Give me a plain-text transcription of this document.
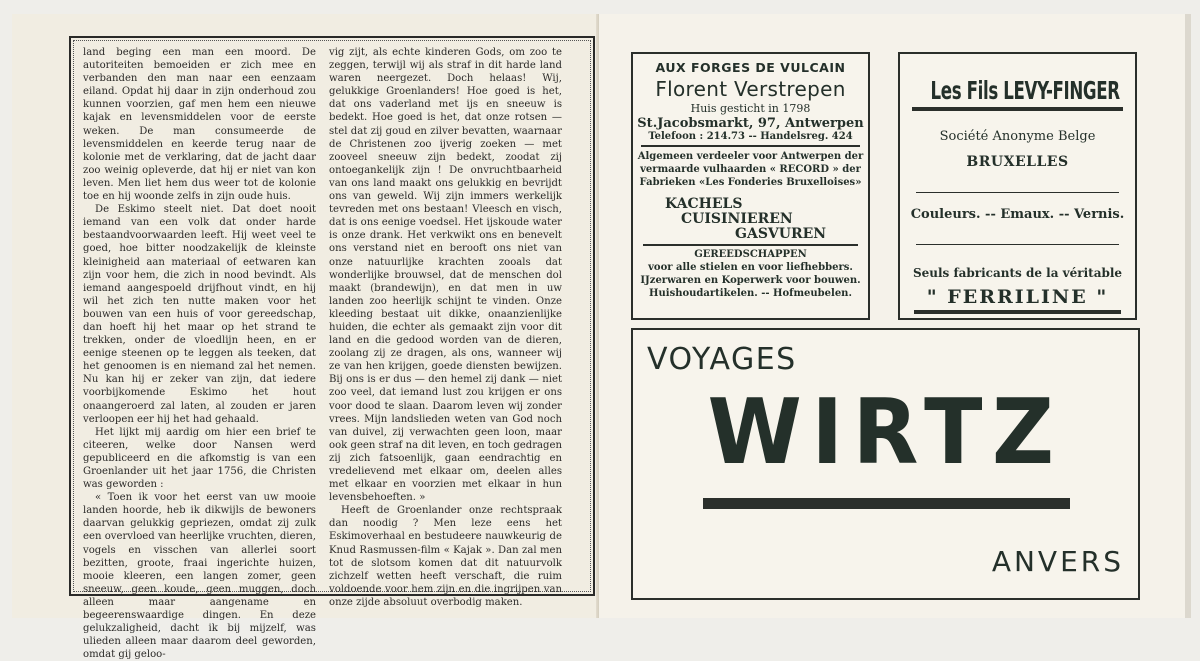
land beging een man een moord. De autoriteiten bemoeiden er zich mee en verbanden den man naar een eenzaam eiland. Opdat hij daar in zijn onderhoud zou kunnen voorzien, gaf men hem een nieuwe kajak en levensmiddelen voor de eerste weken. De man consumeerde de levensmiddelen en keerde terug naar de kolonie met de verklaring, dat de jacht daar zoo weinig opleverde, dat hij er niet van kon leven. Men liet hem dus weer tot de kolonie toe en hij woonde zelfs in zijn oude huis.

De Eskimo steelt niet. Dat doet nooit iemand van een volk dat onder harde bestaandvoorwaarden leeft. Hij weet veel te goed, hoe bitter noodzakelijk de kleinste kleinigheid aan materiaal of eetwaren kan zijn voor hem, die zich in nood bevindt. Als iemand aangespoeld drijfhout vindt, en hij wil het zich ten nutte maken voor het bouwen van een huis of voor gereedschap, dan hoeft hij het maar op het strand te trekken, onder de vloedlijn heen, en er eenige steenen op te leggen als teeken, dat het genoomen is en niemand zal het nemen. Nu kan hij er zeker van zijn, dat iedere voorbijkomende Eskimo het hout onaangeroerd zal laten, al zouden er jaren verloopen eer hij het had gehaald.

Het lijkt mij aardig om hier een brief te citeeren, welke door Nansen werd gepubliceerd en die afkomstig is van een Groenlander uit het jaar 1756, die Christen was geworden :

« Toen ik voor het eerst van uw mooie landen hoorde, heb ik dikwijls de bewoners daarvan gelukkig gepriezen, omdat zij zulk een overvloed van heerlijke vruchten, dieren, vogels en visschen van allerlei soort bezitten, groote, fraai ingerichte huizen, mooie kleeren, een langen zomer, geen sneeuw, geen koude, geen muggen, doch alleen maar aangename en begeerenswaardige dingen. En deze gelukzaligheid, dacht ik bij mijzelf, was ulieden alleen maar daarom deel geworden, omdat gij geloo-

vig zijt, als echte kinderen Gods, om zoo te zeggen, terwijl wij als straf in dit harde land waren neergezet. Doch helaas! Wij, gelukkige Groenlanders! Hoe goed is het, dat ons vaderland met ijs en sneeuw is bedekt. Hoe goed is het, dat onze rotsen — stel dat zij goud en zilver bevatten, waarnaar de Christenen zoo ijverig zoeken — met zooveel sneeuw zijn bedekt, zoodat zij ontoegankelijk zijn ! De onvruchtbaarheid van ons land maakt ons gelukkig en bevrijdt ons van geweld. Wij zijn immers werkelijk tevreden met ons bestaan! Vleesch en visch, dat is ons eenige voedsel. Het ijskoude water is onze drank. Het verkwikt ons en benevelt ons verstand niet en berooft ons niet van onze natuurlijke krachten zooals dat wonderlijke brouwsel, dat de menschen dol maakt (brandewijn), en dat men in uw landen zoo heerlijk schijnt te vinden. Onze kleeding bestaat uit dikke, onaanzienlijke huiden, die echter als gemaakt zijn voor dit land en die gedood worden van de dieren, zoolang zij ze dragen, als ons, wanneer wij ze van hen krijgen, goede diensten bewijzen. Bij ons is er dus — den hemel zij dank — niet zoo veel, dat iemand lust zou krijgen er ons voor dood te slaan. Daarom leven wij zonder vrees. Mijn landslieden weten van God noch van duivel, zij verwachten geen loon, maar ook geen straf na dit leven, en toch gedragen zij zich fatsoenlijk, gaan eendrachtig en vredelievend met elkaar om, deelen alles met elkaar en voorzien met elkaar in hun levensbehoeften. »

Heeft de Groenlander onze rechtspraak dan noodig ? Men leze eens het Eskimoverhaal en bestudeere nauwkeurig de Knud Rasmussen-film « Kajak ». Dan zal men tot de slotsom komen dat dit natuurvolk zichzelf wetten heeft verschaft, die ruim voldoende voor hem zijn en die ingrijpen van onze zijde absoluut overbodig maken.

AUX FORGES DE VULCAIN
Florent Verstrepen
Huis gesticht in 1798
St.Jacobsmarkt, 97, Antwerpen
Telefoon : 214.73 -- Handelsreg. 424
Algemeen verdeeler voor Antwerpen der vermaarde vulhaarden « RECORD » der Fabrieken «Les Fonderies Bruxelloises»
KACHELS
CUISINIEREN
GASVUREN
GEREEDSCHAPPEN
voor alle stielen en voor liefhebbers.
IJzerwaren en Koperwerk voor bouwen.
Huishoudartikelen. -- Hofmeubelen.
Les Fils LEVY-FINGER
Société Anonyme Belge
BRUXELLES
Couleurs. -- Emaux. -- Vernis.
Seuls fabricants de la véritable
" FERRILINE "
VOYAGES
WIRTZ
ANVERS
